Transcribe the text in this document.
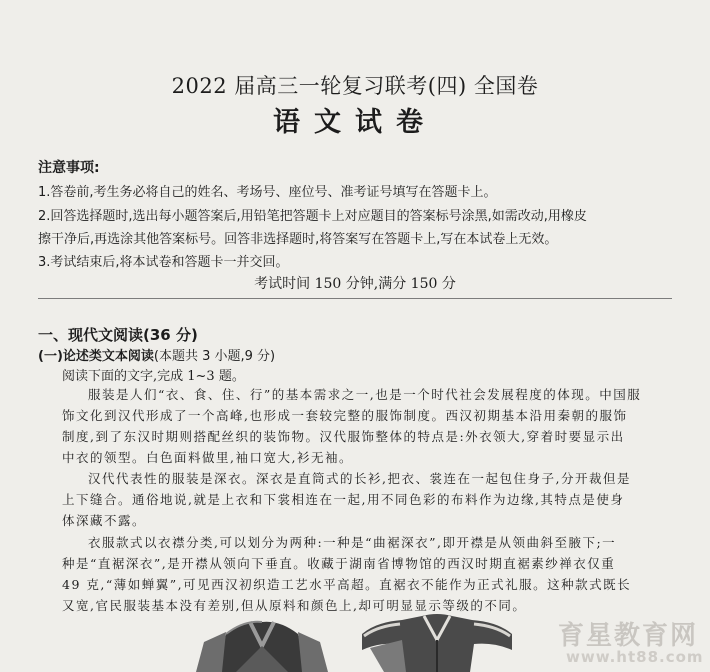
2022 届高三一轮复习联考(四) 全国卷
语文试卷
注意事项:
1.答卷前,考生务必将自己的姓名、考场号、座位号、准考证号填写在答题卡上。
2.回答选择题时,选出每小题答案后,用铅笔把答题卡上对应题目的答案标号涂黑,如需改动,用橡皮
擦干净后,再选涂其他答案标号。回答非选择题时,将答案写在答题卡上,写在本试卷上无效。
3.考试结束后,将本试卷和答题卡一并交回。
考试时间 150 分钟,满分 150 分
一、现代文阅读(36 分)
(一)论述类文本阅读(本题共 3 小题,9 分)
阅读下面的文字,完成 1~3 题。
服装是人们“衣、食、住、行”的基本需求之一,也是一个时代社会发展程度的体现。中国服
饰文化到汉代形成了一个高峰,也形成一套较完整的服饰制度。西汉初期基本沿用秦朝的服饰
制度,到了东汉时期则搭配丝织的装饰物。汉代服饰整体的特点是:外衣领大,穿着时要显示出
中衣的领型。白色面料做里,袖口宽大,衫无袖。
汉代代表性的服装是深衣。深衣是直筒式的长衫,把衣、裳连在一起包住身子,分开裁但是
上下缝合。通俗地说,就是上衣和下裳相连在一起,用不同色彩的布料作为边缘,其特点是使身
体深藏不露。
衣服款式以衣襟分类,可以划分为两种:一种是“曲裾深衣”,即开襟是从领曲斜至腋下;一
种是“直裾深衣”,是开襟从领向下垂直。收藏于湖南省博物馆的西汉时期直裾素纱禅衣仅重
49 克,“薄如蝉翼”,可见西汉初织造工艺水平高超。直裾衣不能作为正式礼服。这种款式既长
又宽,官民服装基本没有差别,但从原料和颜色上,却可明显显示等级的不同。
育星教育网
www.ht88.com
